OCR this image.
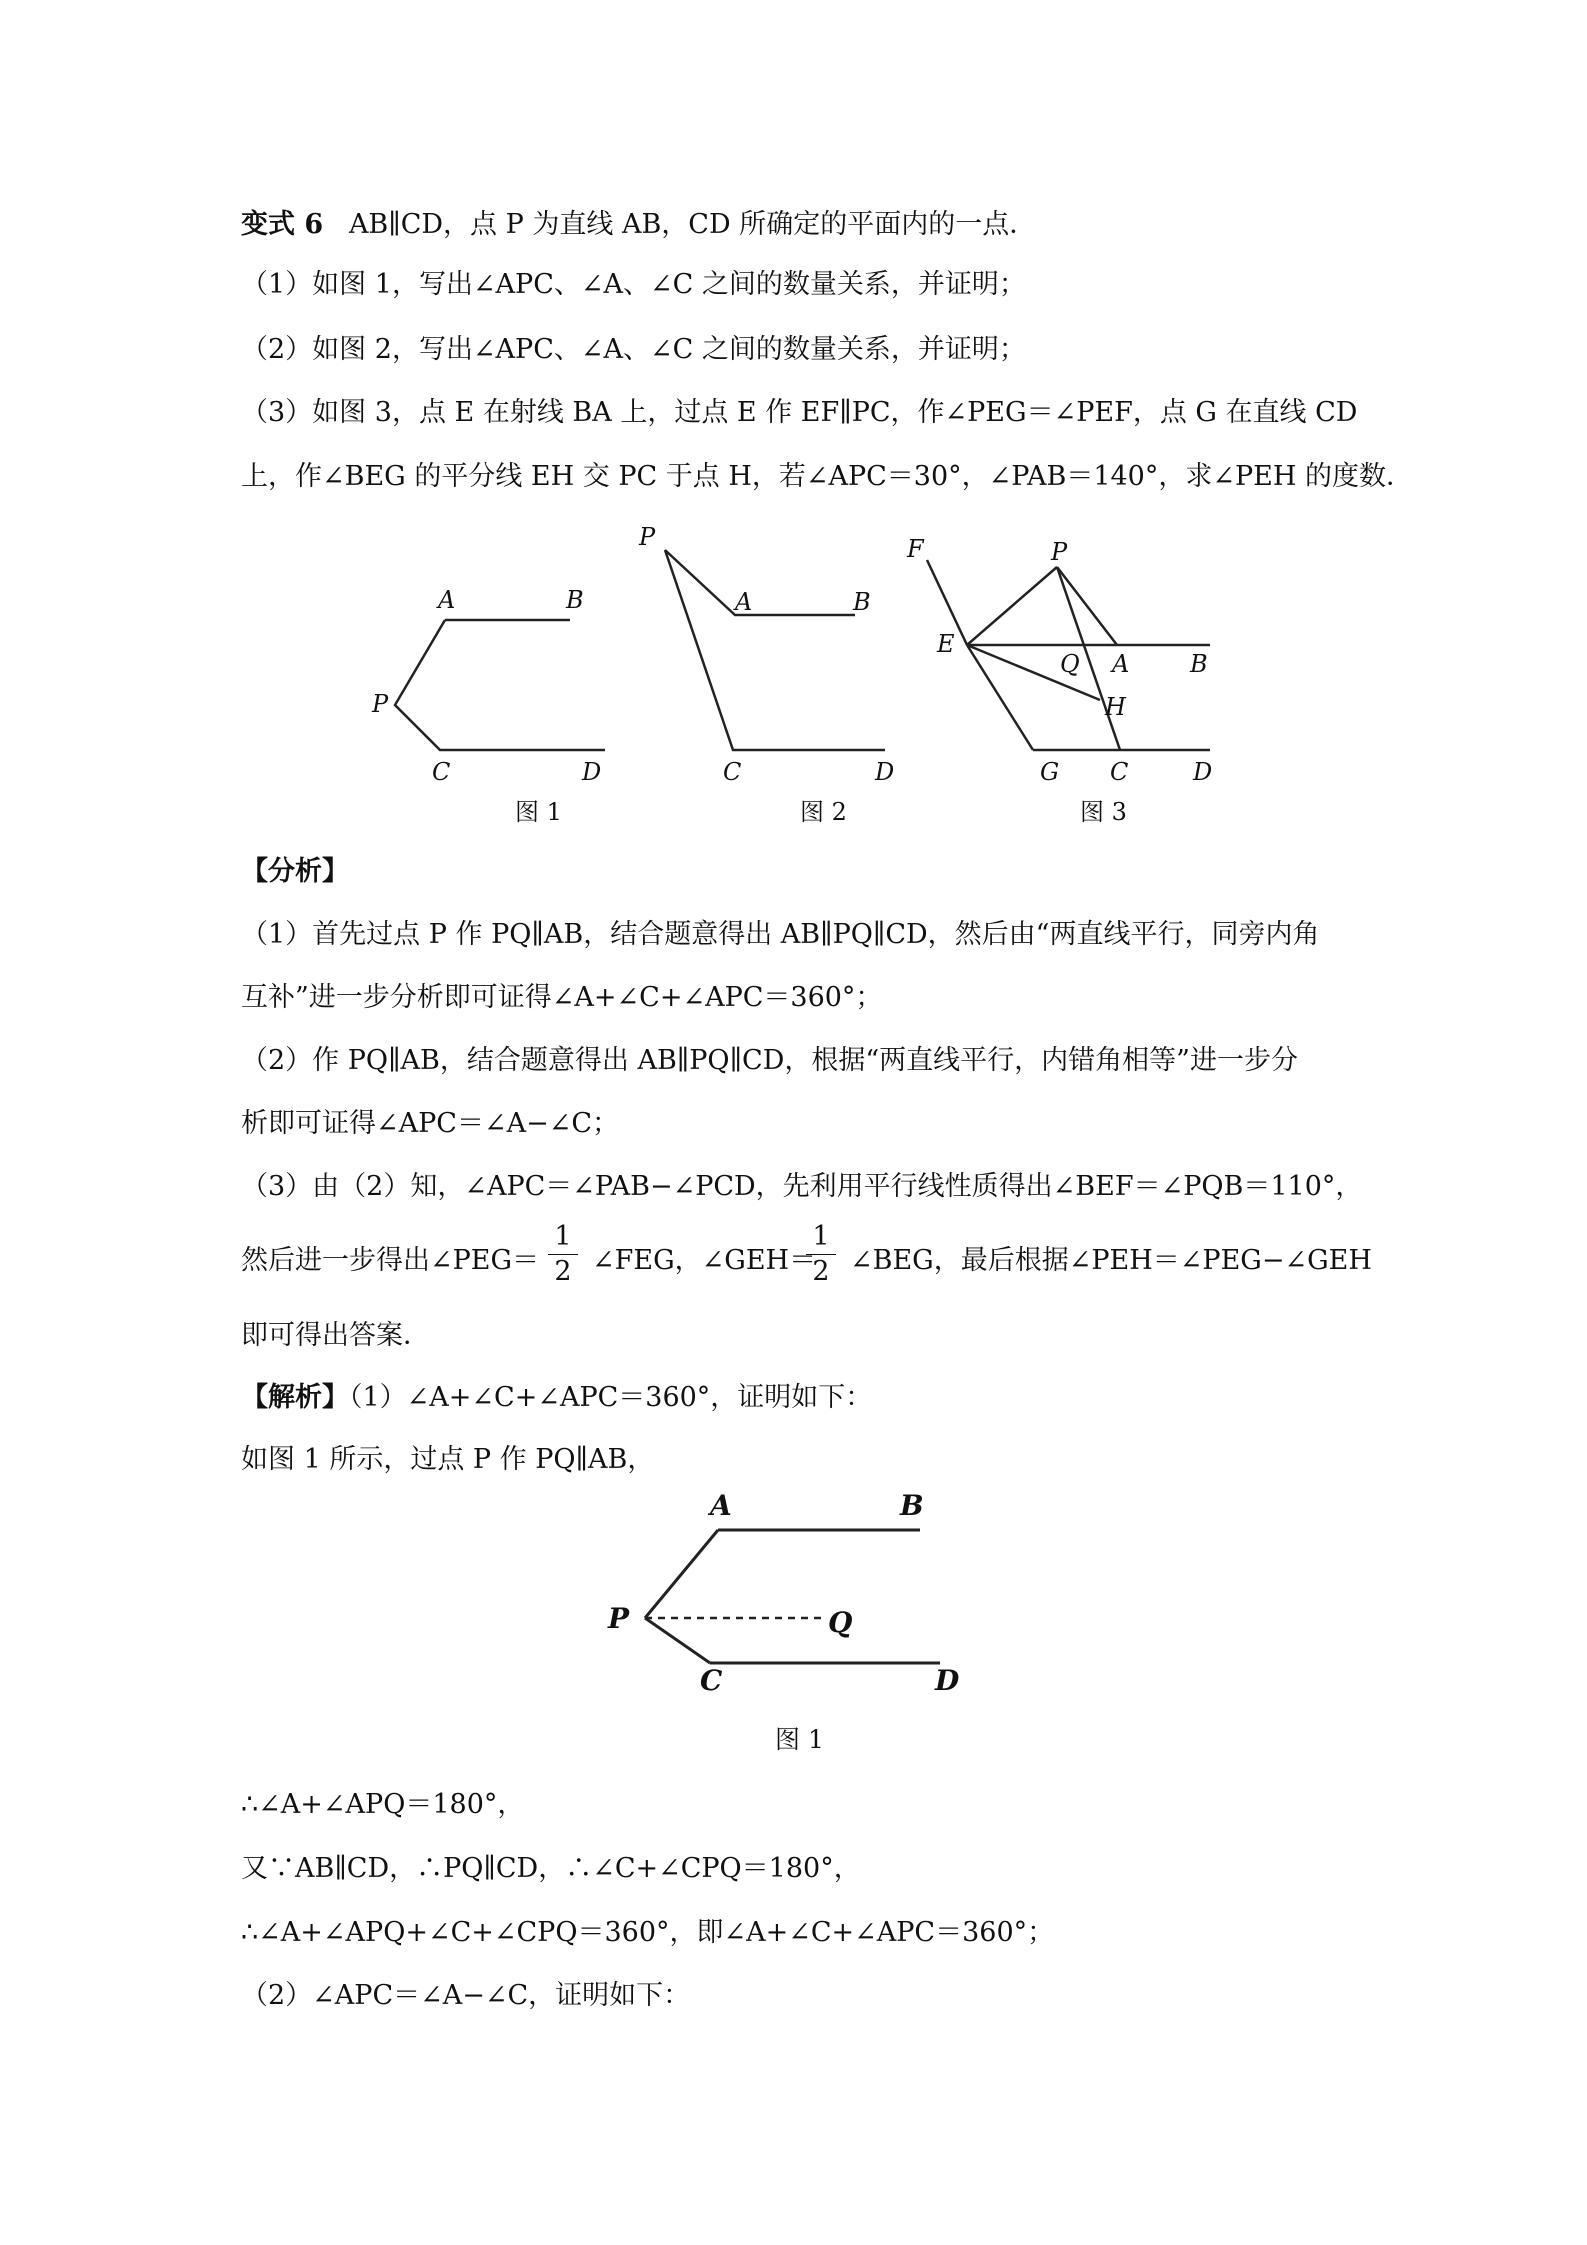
变式 6 AB∥CD，点 P 为直线 AB，CD 所确定的平面内的一点．
（1）如图 1，写出∠APC、∠A、∠C 之间的数量关系，并证明；
（2）如图 2，写出∠APC、∠A、∠C 之间的数量关系，并证明；
（3）如图 3，点 E 在射线 BA 上，过点 E 作 EF∥PC，作∠PEG＝∠PEF，点 G 在直线 CD
上，作∠BEG 的平分线 EH 交 PC 于点 H，若∠APC＝30°，∠PAB＝140°，求∠PEH 的度数．
A	B
P
C	D
图 1
P
A	B
C	D
图 2
F	P
E
Q A	B
H
G C	D
图 3
【分析】
（1）首先过点 P 作 PQ∥AB，结合题意得出 AB∥PQ∥CD，然后由“两直线平行，同旁内角
互补”进一步分析即可证得∠A+∠C+∠APC＝360°；
（2）作 PQ∥AB，结合题意得出 AB∥PQ∥CD，根据“两直线平行，内错角相等”进一步分
析即可证得∠APC＝∠A−∠C；
（3）由（2）知，∠APC＝∠PAB−∠PCD，先利用平行线性质得出∠BEF＝∠PQB＝110°，
然后进一步得出∠PEG＝
1
2 ∠FEG，∠GEH＝
1
2 ∠BEG，最后根据∠PEH＝∠PEG−∠GEH
即可得出答案．
【解析】（1）∠A+∠C+∠APC＝360°，证明如下：
如图 1 所示，过点 P 作 PQ∥AB，
A	B
P	Q
C	D
图 1
∴∠A+∠APQ＝180°，
又∵AB∥CD，∴PQ∥CD，∴∠C+∠CPQ＝180°，
∴∠A+∠APQ+∠C+∠CPQ＝360°，即∠A+∠C+∠APC＝360°；
（2）∠APC＝∠A−∠C，证明如下：
